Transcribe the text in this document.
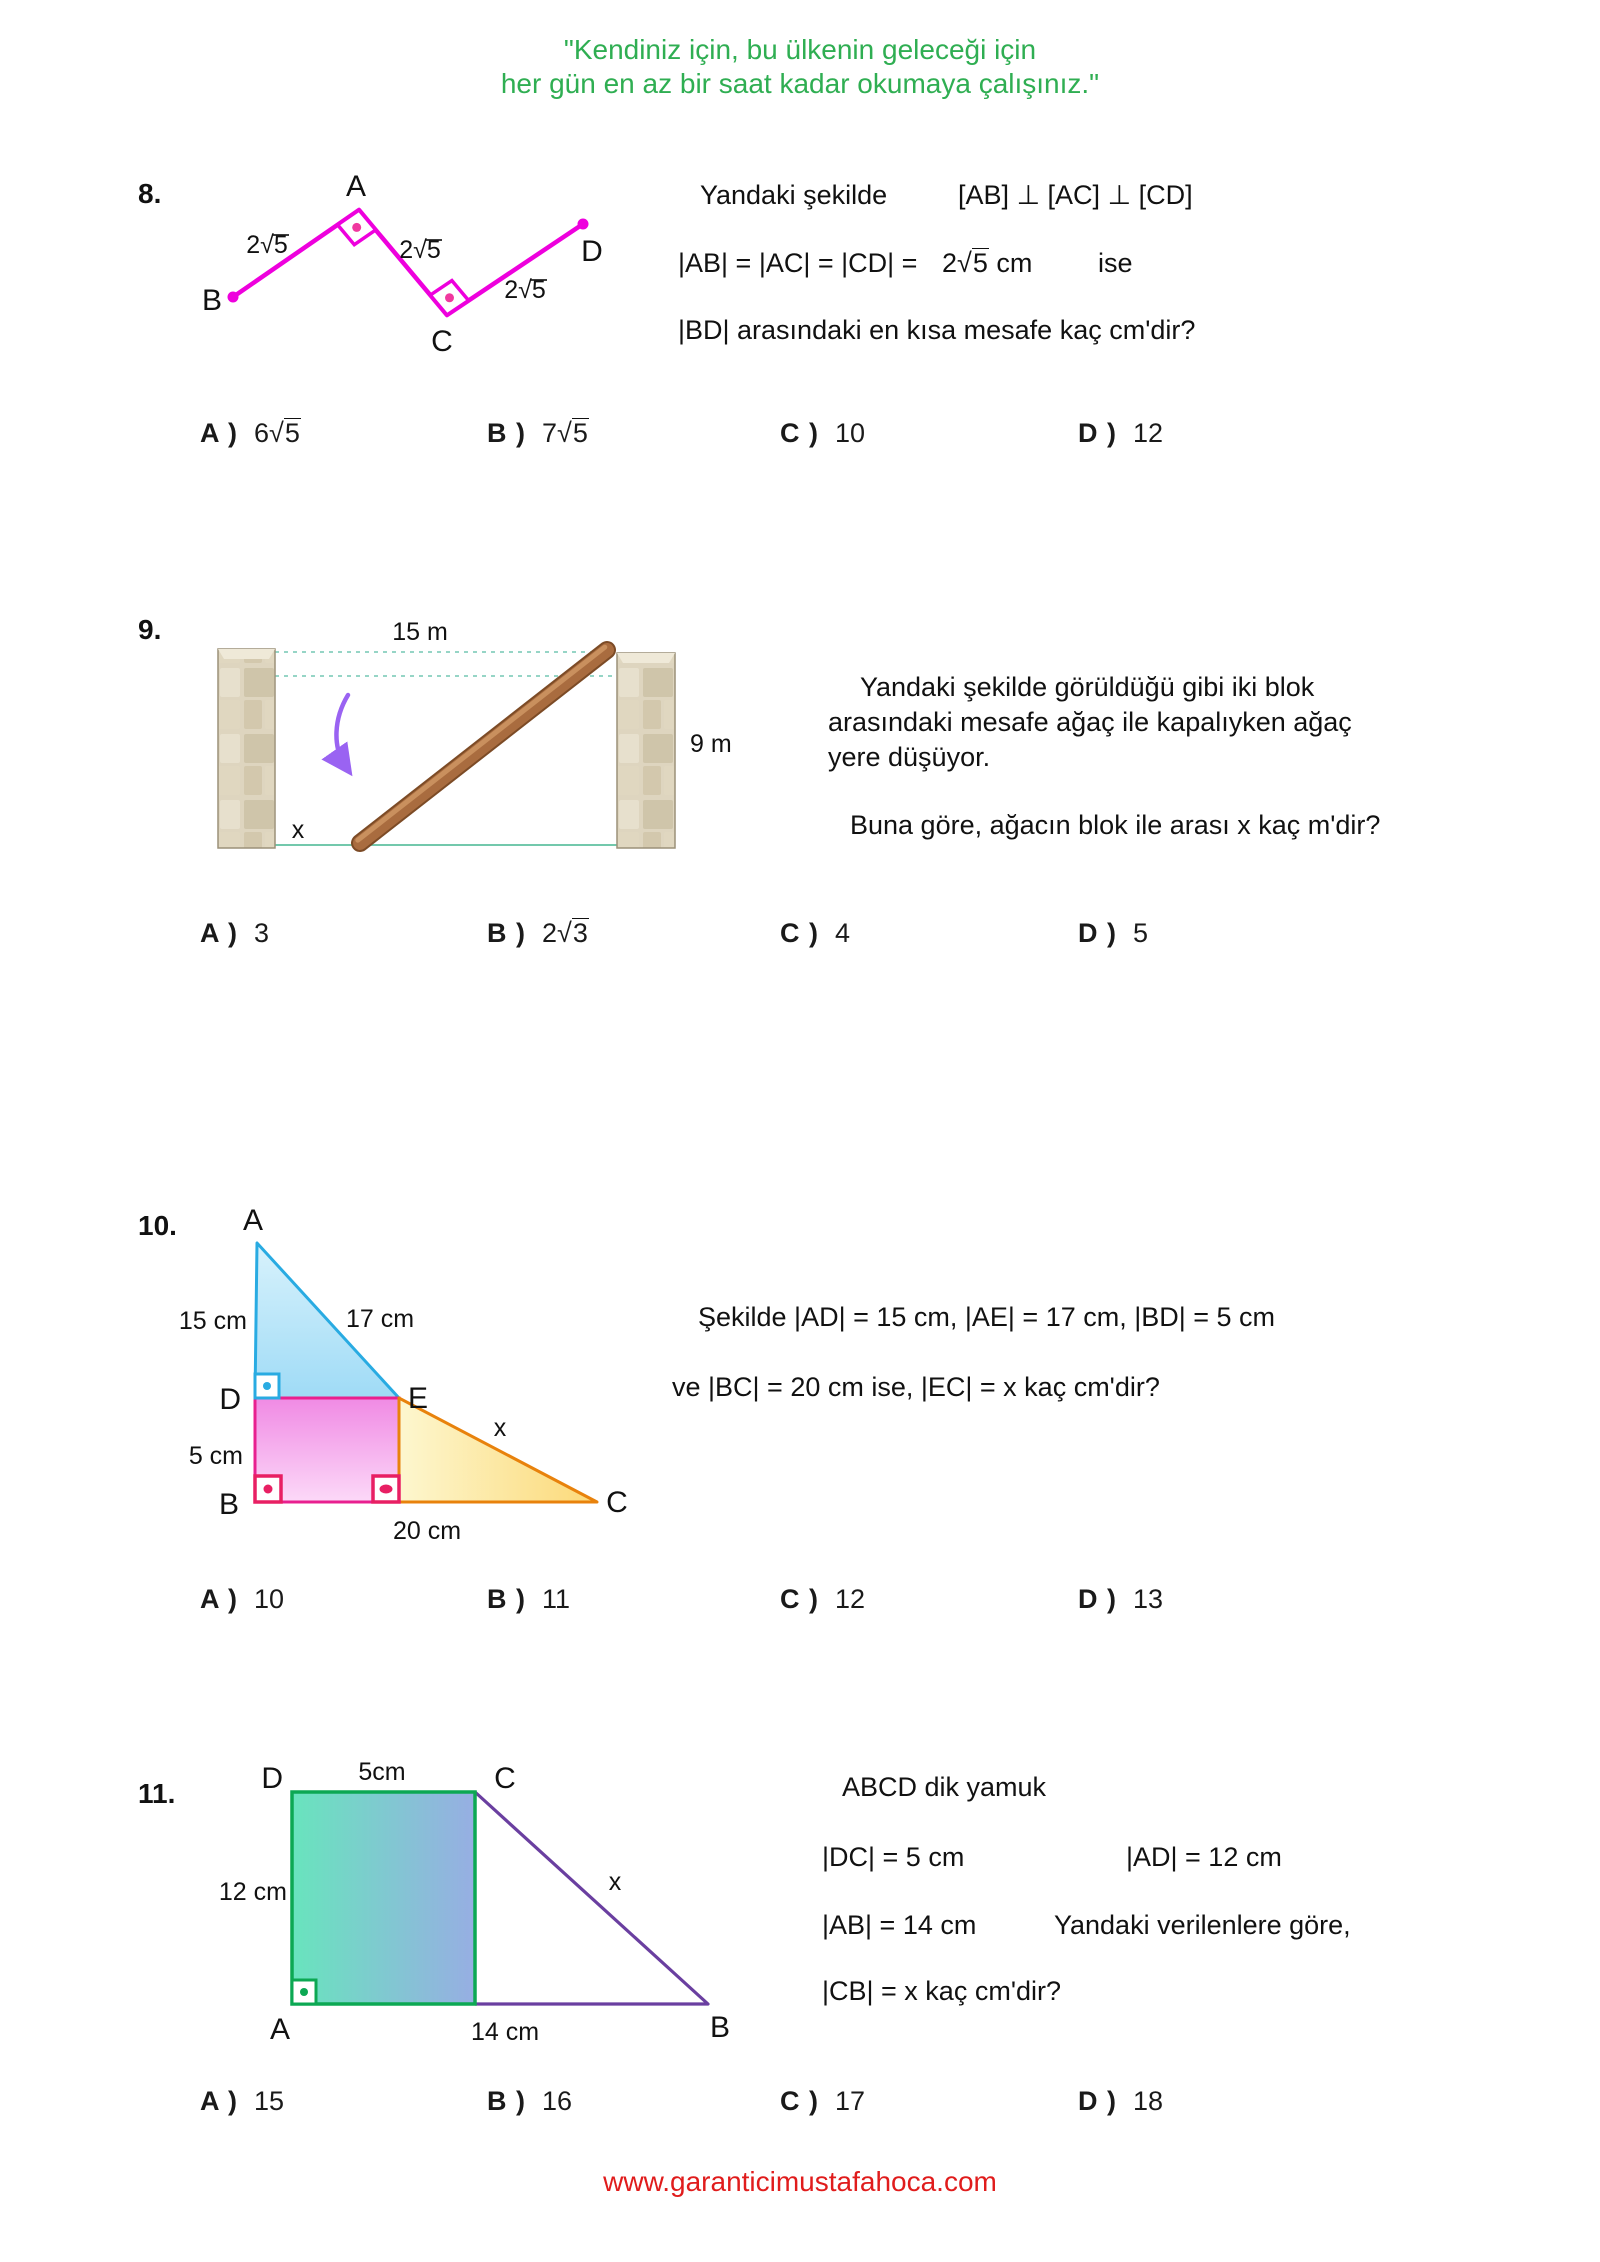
"Kendiniz için, bu ülkenin geleceği için
her gün en az bir saat kadar okumaya çalışınız."
8.	A
B
C
D
2√5	2√5
2√5
Yandaki şekilde	[AB] ⊥ [AC] ⊥ [CD]
|AB| = |AC| = |CD| = 2√5 cm ise
|BD| arasındaki en kısa mesafe kaç cm'dir?
A ) 6√5	B ) 7√5	C ) 10	D ) 12
9.	15 m
9 m
x
Yandaki şekilde görüldüğü gibi iki blok
arasındaki mesafe ağaç ile kapalıyken ağaç
yere düşüyor.
Buna göre, ağacın blok ile arası x kaç m'dir?
A ) 3	B ) 2√3	C ) 4	D ) 5
10. A
D	E
B	C
15 cm	17 cm
5 cm
20 cm
x
Şekilde |AD| = 15 cm, |AE| = 17 cm, |BD| = 5 cm
ve |BC| = 20 cm ise, |EC| = x kaç cm'dir?
A ) 10	B ) 11	C ) 12	D ) 13
11.	D	C
A	B
5cm
12 cm	x
14 cm
ABCD dik yamuk
|DC| = 5 cm	|AD| = 12 cm
|AB| = 14 cm	Yandaki verilenlere göre,
|CB| = x kaç cm'dir?
A ) 15	B ) 16	C ) 17	D ) 18
www.garanticimustafahoca.com
